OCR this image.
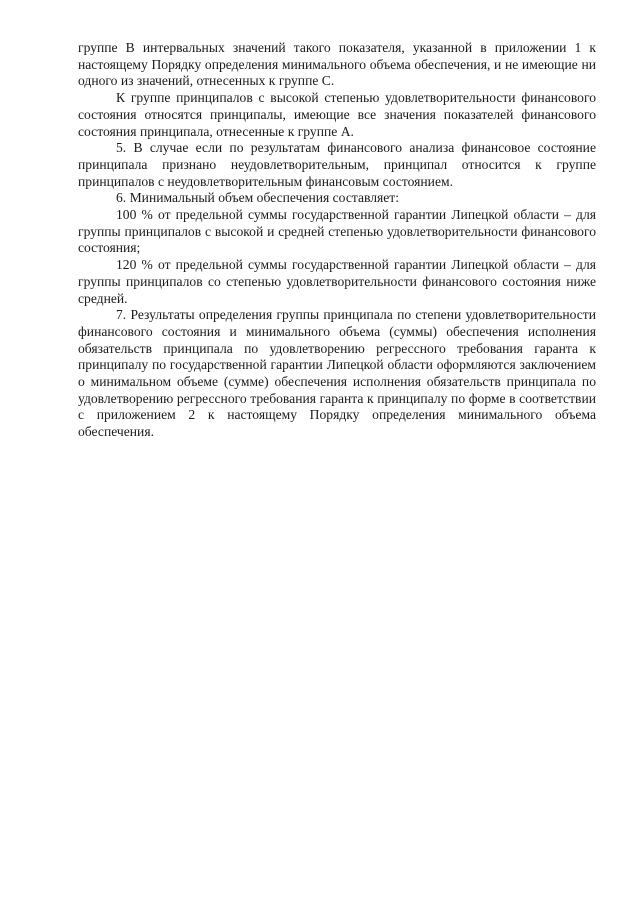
группе В интервальных значений такого показателя, указанной в приложении 1 к настоящему Порядку определения минимального объема обеспечения, и не имеющие ни одного из значений, отнесенных к группе С.

К группе принципалов с высокой степенью удовлетворительности финансового состояния относятся принципалы, имеющие все значения показателей финансового состояния принципала, отнесенные к группе А.

5. В случае если по результатам финансового анализа финансовое состояние принципала признано неудовлетворительным, принципал относится к группе принципалов с неудовлетворительным финансовым состоянием.

6. Минимальный объем обеспечения составляет:

100 % от предельной суммы государственной гарантии Липецкой области – для группы принципалов с высокой и средней степенью удовлетворительности финансового состояния;

120 % от предельной суммы государственной гарантии Липецкой области – для группы принципалов со степенью удовлетворительности финансового состояния ниже средней.

7. Результаты определения группы принципала по степени удовлетворительности финансового состояния и минимального объема (суммы) обеспечения исполнения обязательств принципала по удовлетворению регрессного требования гаранта к принципалу по государственной гарантии Липецкой области оформляются заключением о минимальном объеме (сумме) обеспечения исполнения обязательств принципала по удовлетворению регрессного требования гаранта к принципалу по форме в соответствии с приложением 2 к настоящему Порядку определения минимального объема обеспечения.
